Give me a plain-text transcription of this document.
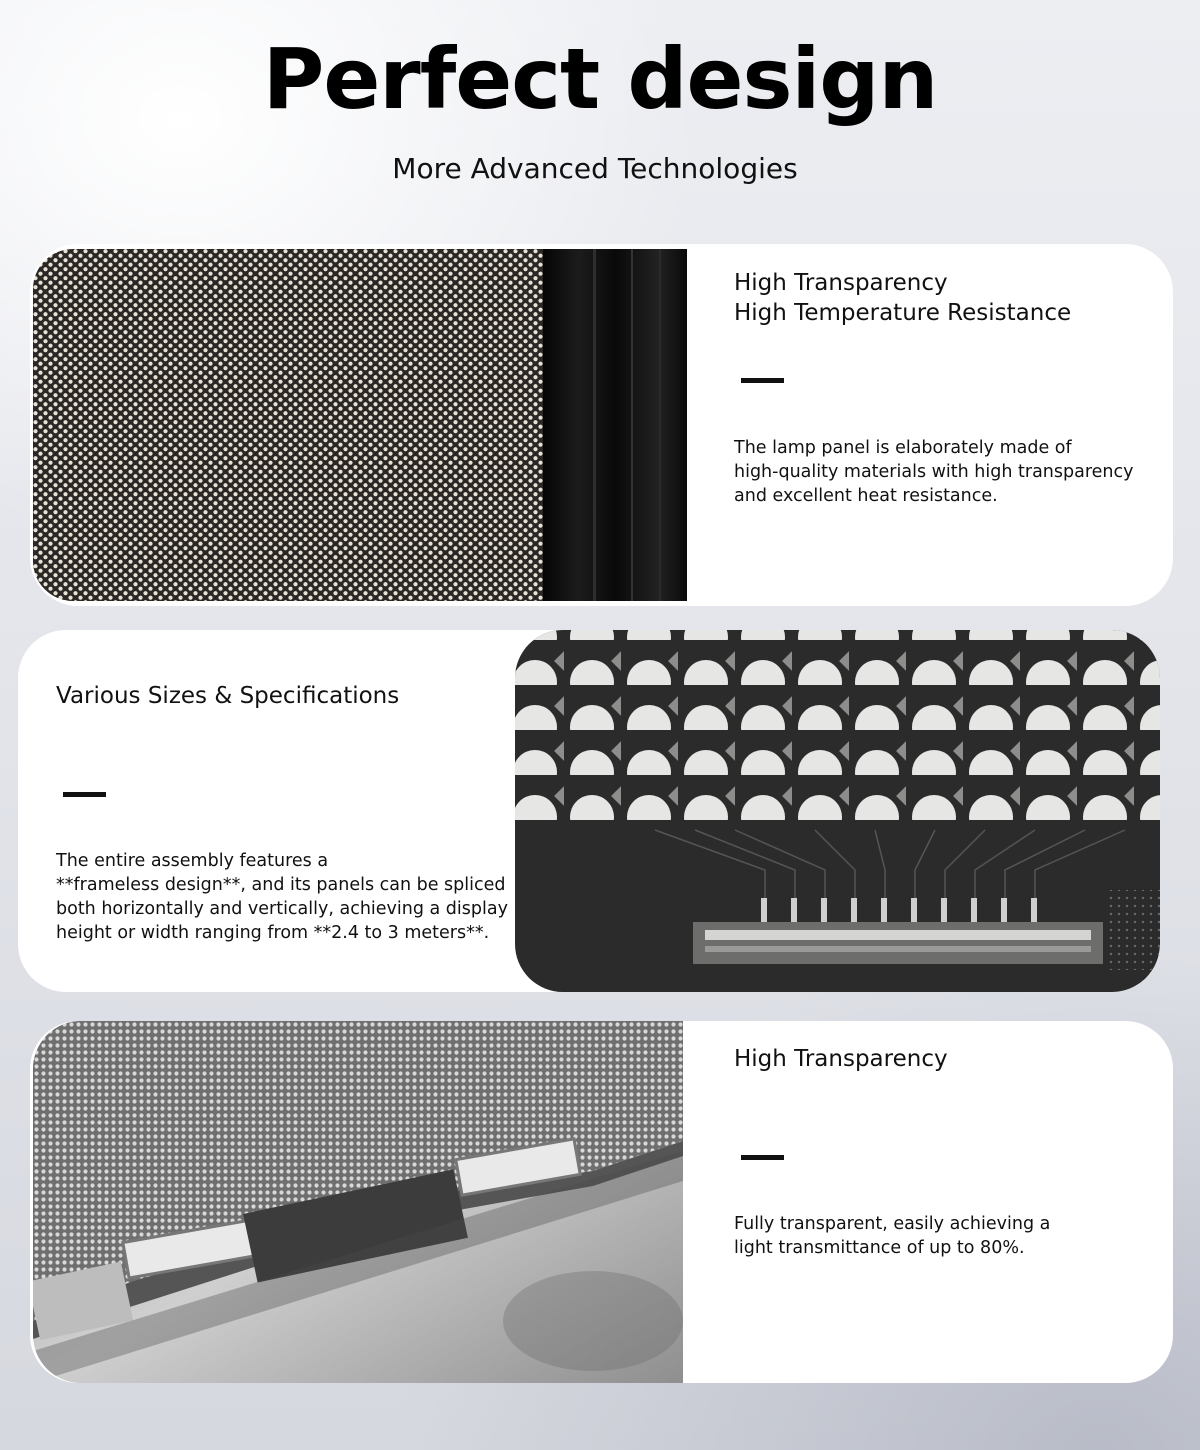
Perfect design
More Advanced Technologies
High Transparency
High Temperature Resistance

The lamp panel is elaborately made of
high-quality materials with high transparency
and excellent heat resistance.

Various Sizes & Specifications

The entire assembly features a
**frameless design**, and its panels can be spliced
both horizontally and vertically, achieving a display
height or width ranging from **2.4 to 3 meters**.

High Transparency

Fully transparent, easily achieving a
light transmittance of up to 80%.
